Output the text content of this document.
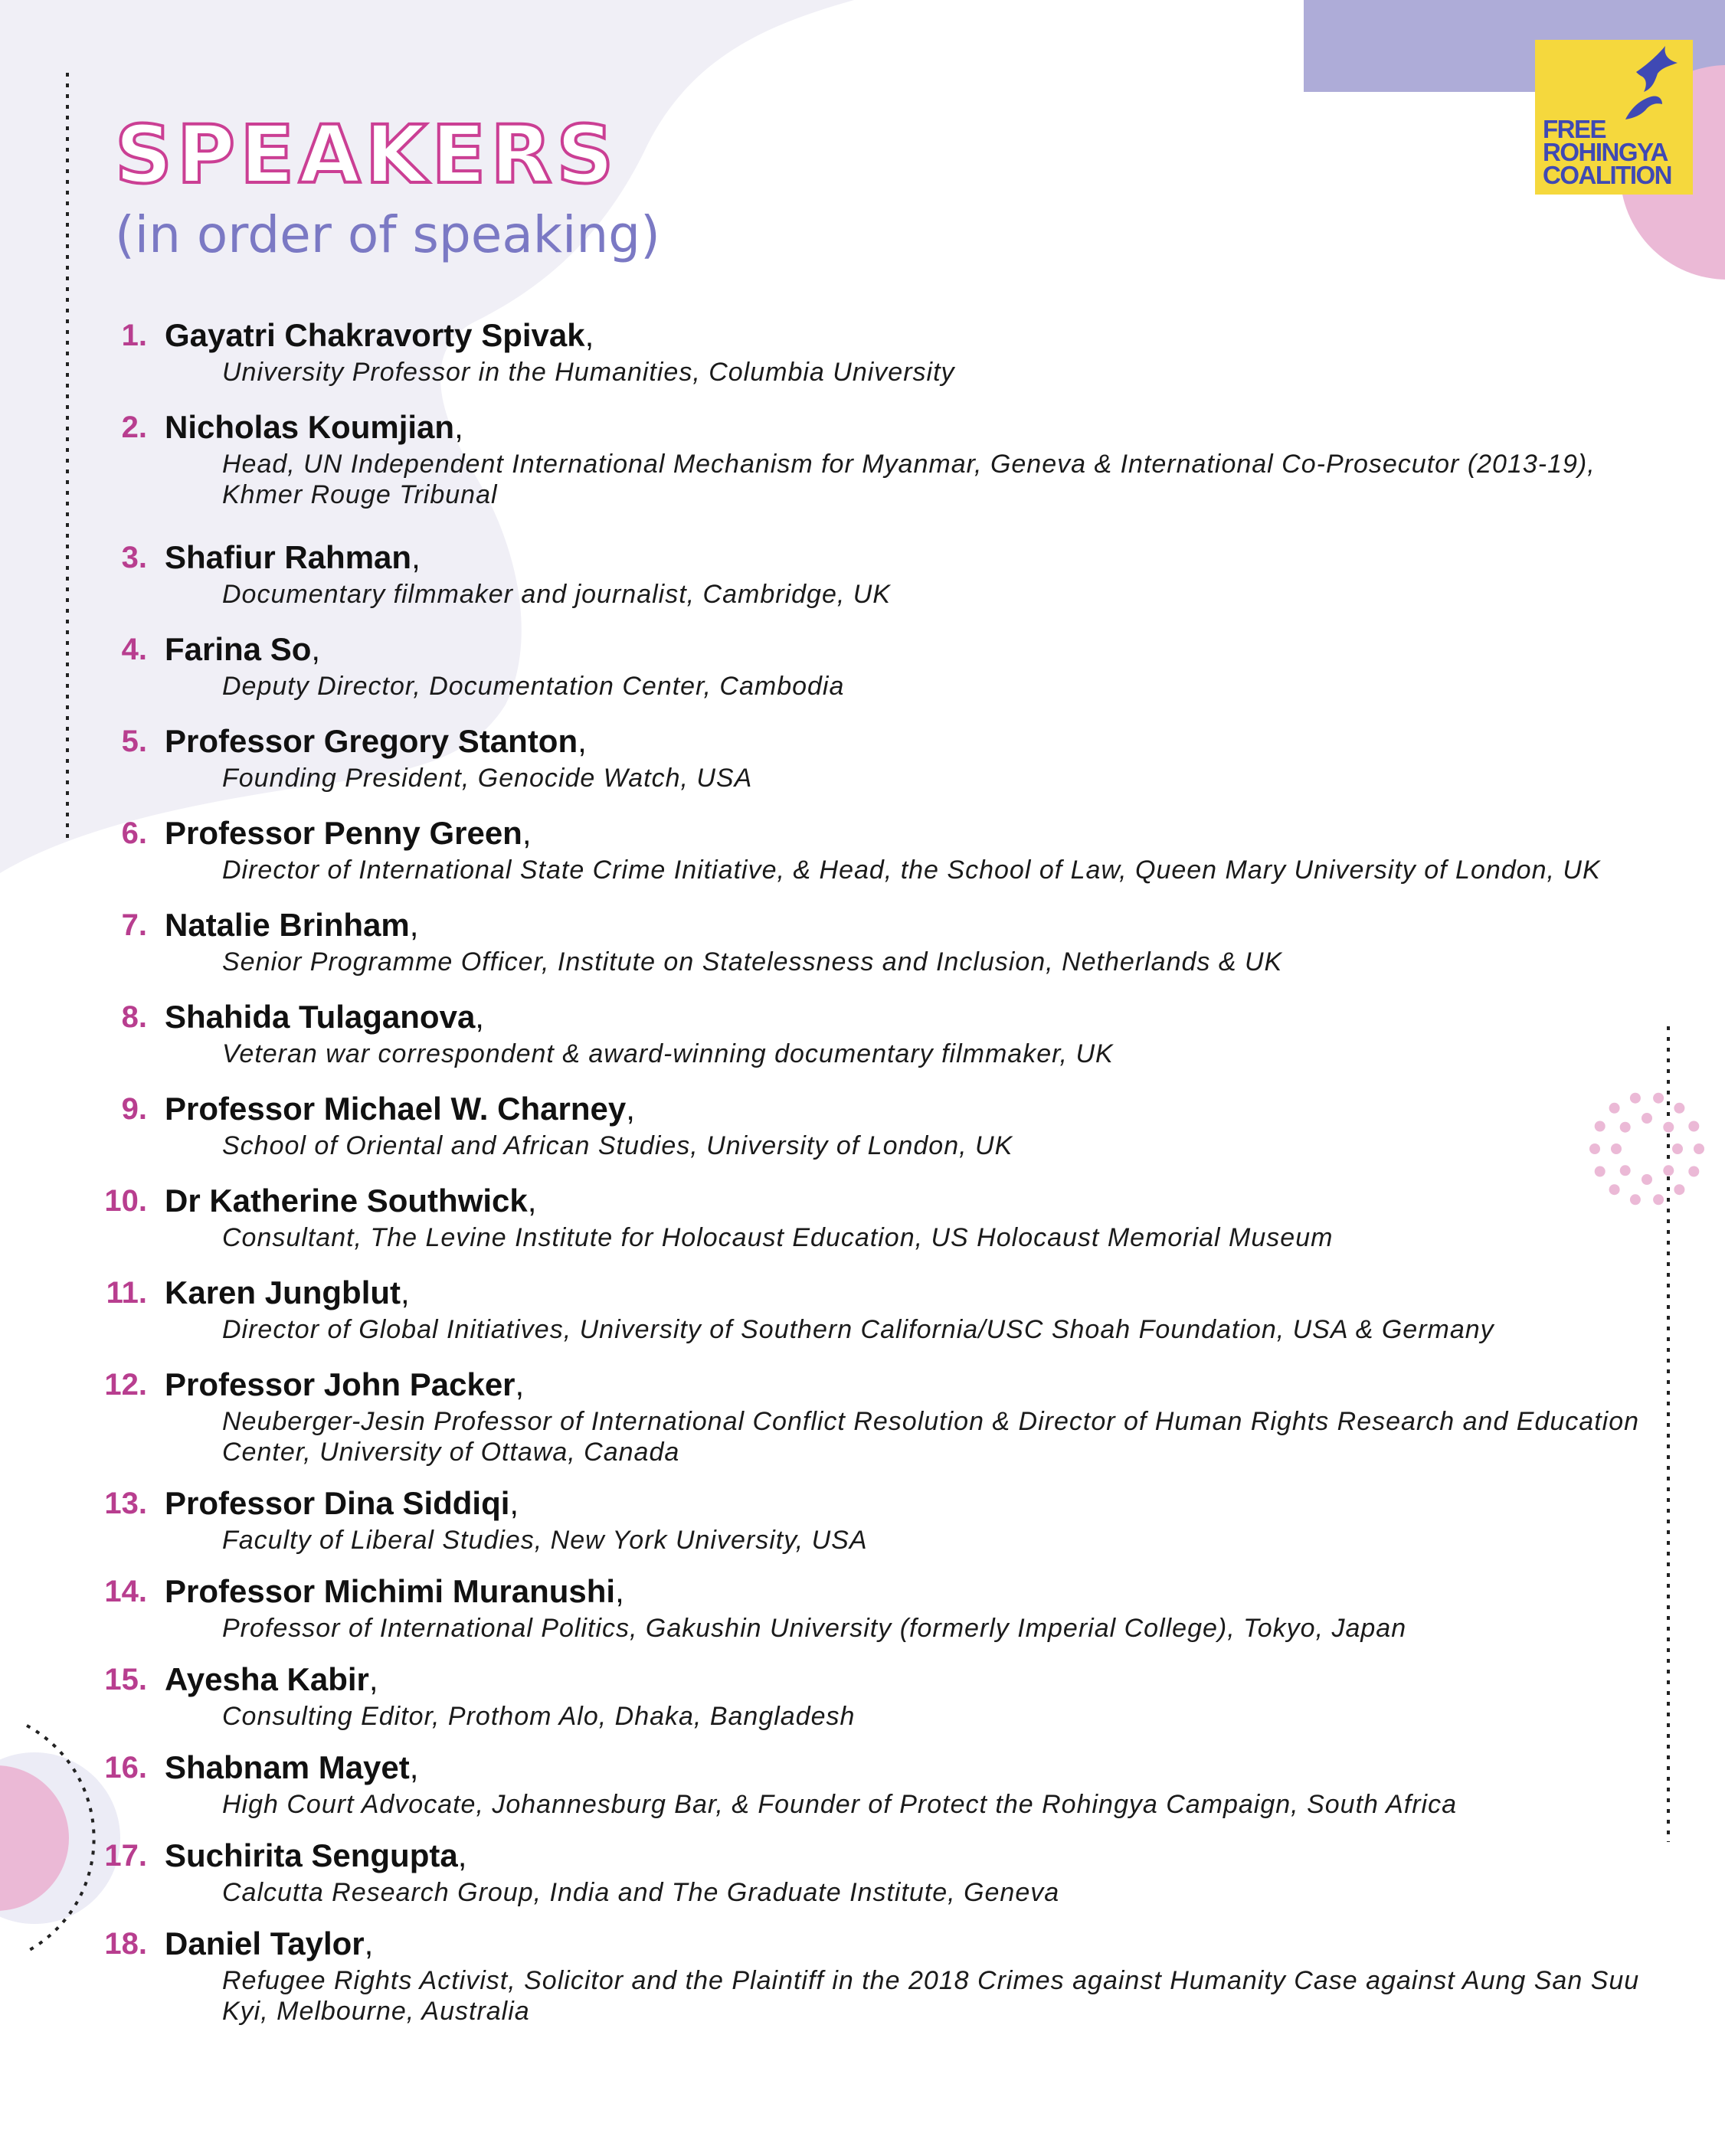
FREE
ROHINGYA
COALITION
SPEAKERS
(in order of speaking)
1. Gayatri Chakravorty Spivak,
University Professor in the Humanities, Columbia University
2. Nicholas Koumjian,
Head, UN Independent International Mechanism for Myanmar, Geneva & International Co-Prosecutor (2013-19), Khmer Rouge Tribunal
3. Shafiur Rahman,
Documentary filmmaker and journalist, Cambridge, UK
4. Farina So,
Deputy Director, Documentation Center, Cambodia
5. Professor Gregory Stanton,
Founding President, Genocide Watch, USA
6. Professor Penny Green,
Director of International State Crime Initiative, & Head, the School of Law, Queen Mary University of London, UK
7. Natalie Brinham,
Senior Programme Officer, Institute on Statelessness and Inclusion, Netherlands & UK
8. Shahida Tulaganova,
Veteran war correspondent & award-winning documentary filmmaker, UK
9. Professor Michael W. Charney,
School of Oriental and African Studies, University of London, UK
10. Dr Katherine Southwick,
Consultant, The Levine Institute for Holocaust Education, US Holocaust Memorial Museum
11. Karen Jungblut,
Director of Global Initiatives, University of Southern California/USC Shoah Foundation, USA & Germany
12. Professor John Packer,
Neuberger-Jesin Professor of International Conflict Resolution & Director of Human Rights Research and Education Center, University of Ottawa, Canada
13. Professor Dina Siddiqi,
Faculty of Liberal Studies, New York University, USA
14. Professor Michimi Muranushi,
Professor of International Politics, Gakushin University (formerly Imperial College), Tokyo, Japan
15. Ayesha Kabir,
Consulting Editor, Prothom Alo, Dhaka, Bangladesh
16. Shabnam Mayet,
High Court Advocate, Johannesburg Bar, & Founder of Protect the Rohingya Campaign, South Africa
17. Suchirita Sengupta,
Calcutta Research Group, India and The Graduate Institute, Geneva
18. Daniel Taylor,
Refugee Rights Activist, Solicitor and the Plaintiff in the 2018 Crimes against Humanity Case against Aung San Suu Kyi, Melbourne, Australia
